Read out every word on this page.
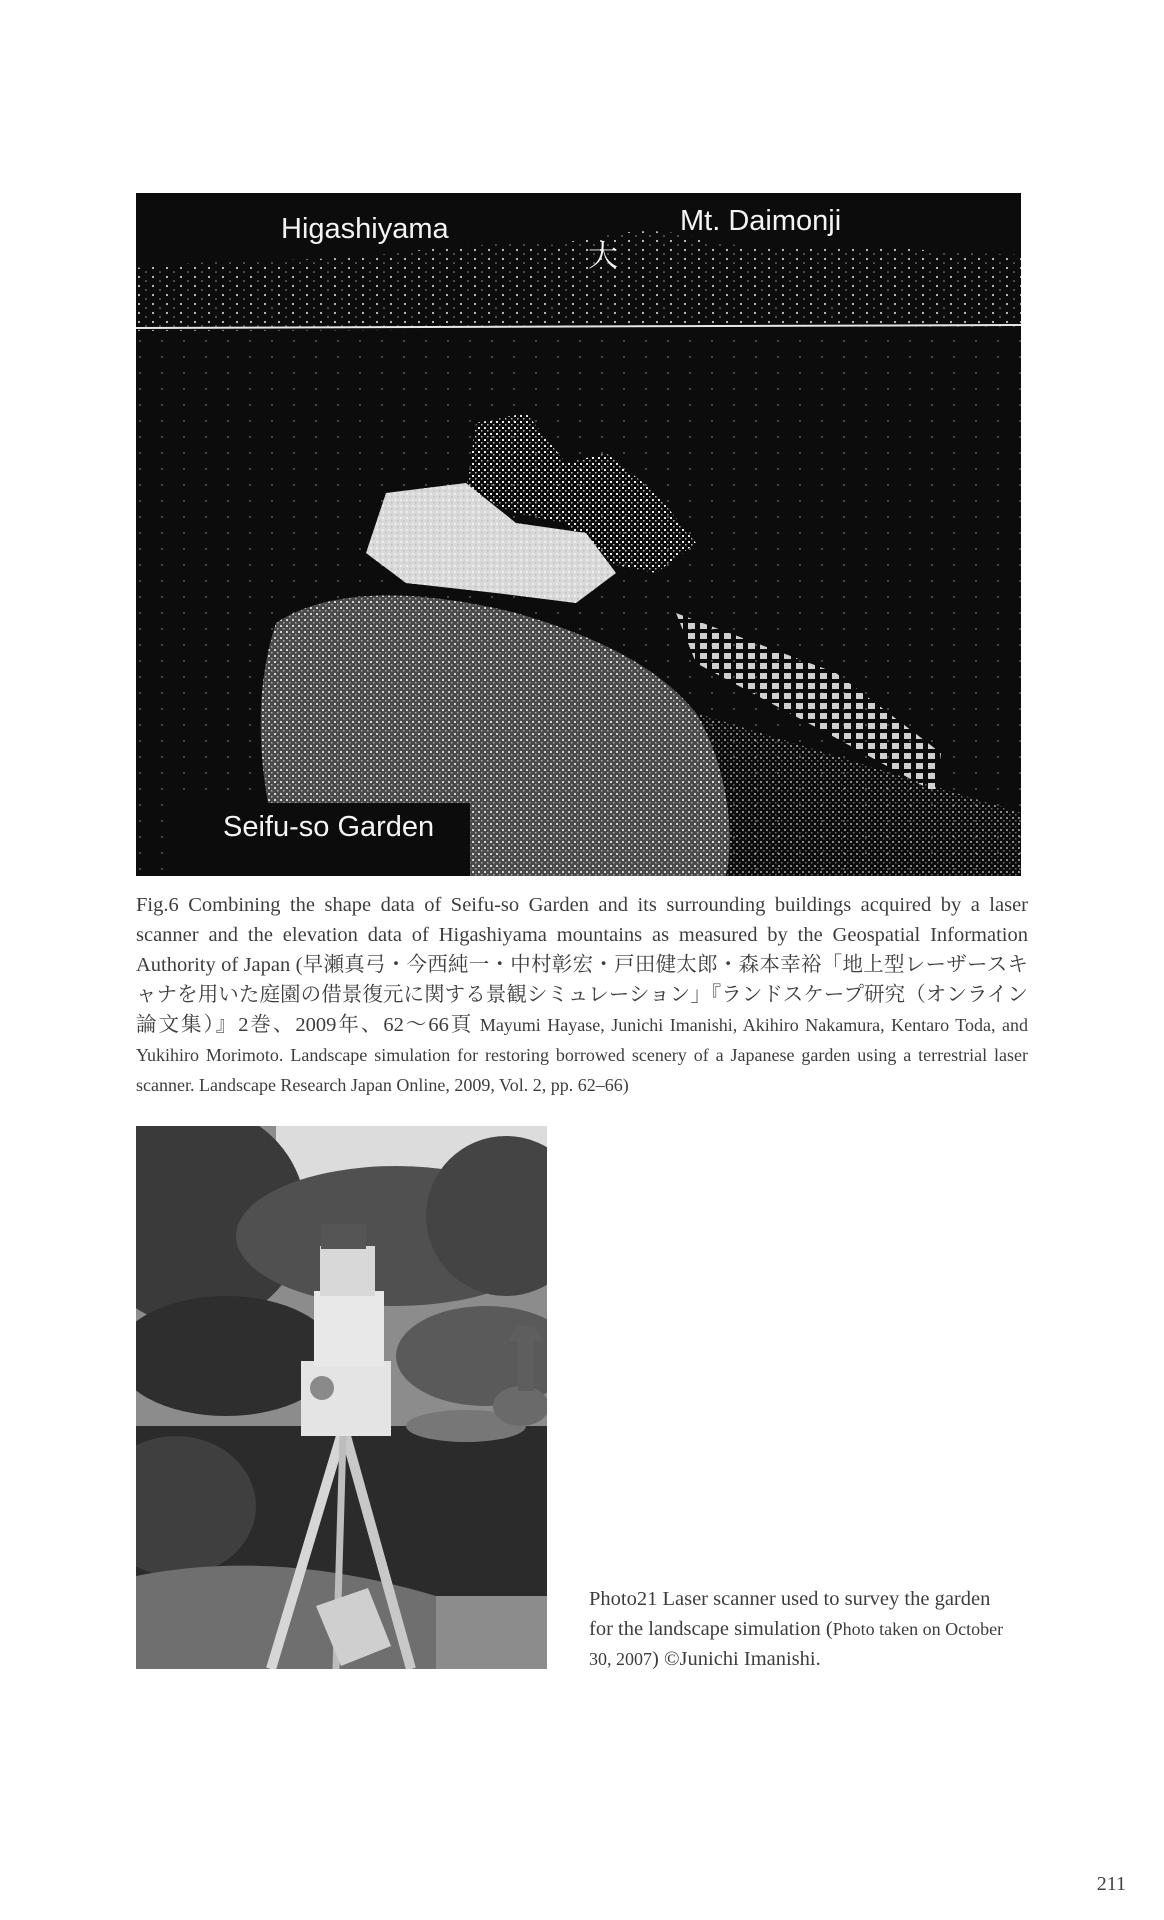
大
Higashiyama	Mt. Daimonji
Seifu-so Garden
Fig.6 Combining the shape data of Seifu-so Garden and its surrounding buildings acquired by a laser scanner and the elevation data of Higashiyama mountains as measured by the Geospatial Information Authority of Japan (早瀬真弓・今西純一・中村彰宏・戸田健太郎・森本幸裕「地上型レーザースキャナを用いた庭園の借景復元に関する景観シミュレーション」『ランドスケープ研究（オンライン論文集）』2巻、2009年、62〜66頁 Mayumi Hayase, Junichi Imanishi, Akihiro Nakamura, Kentaro Toda, and Yukihiro Morimoto. Landscape simulation for restoring borrowed scenery of a Japanese garden using a terrestrial laser scanner. Landscape Research Japan Online, 2009, Vol. 2, pp. 62–66)
Photo21 Laser scanner used to survey the garden for the landscape simulation (Photo taken on October 30, 2007) ©Junichi Imanishi.
211
